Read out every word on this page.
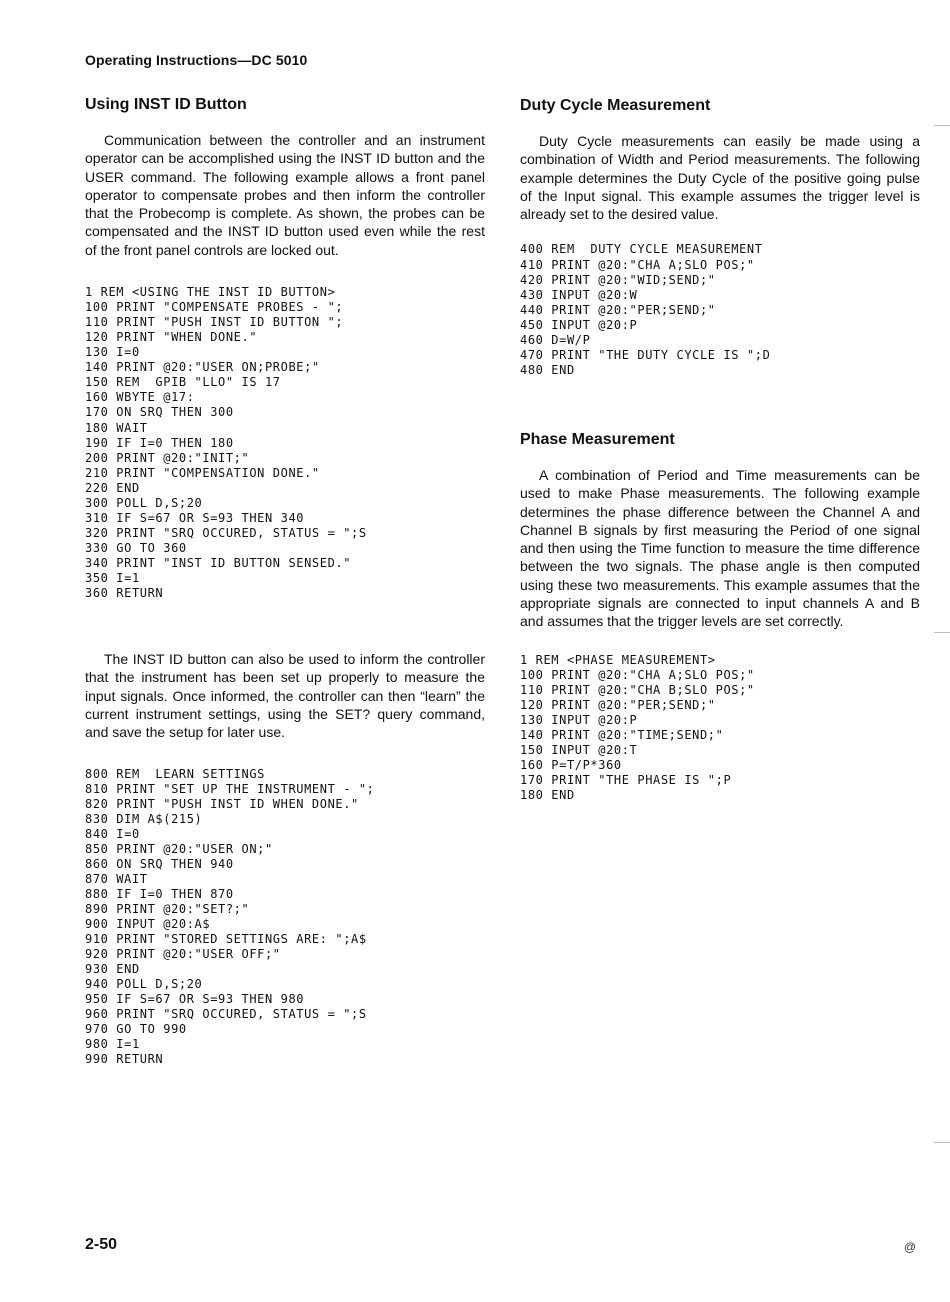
Operating Instructions—DC 5010
Using INST ID Button

Communication between the controller and an instrument operator can be accomplished using the INST ID button and the USER command. The following example allows a front panel operator to compensate probes and then inform the controller that the Probecomp is complete. As shown, the probes can be compensated and the INST ID button used even while the rest of the front panel controls are locked out.

1 REM <USING THE INST ID BUTTON>
100 PRINT "COMPENSATE PROBES - ";
110 PRINT "PUSH INST ID BUTTON ";
120 PRINT "WHEN DONE."
130 I=0
140 PRINT @20:"USER ON;PROBE;"
150 REM  GPIB "LLO" IS 17
160 WBYTE @17:
170 ON SRQ THEN 300
180 WAIT
190 IF I=0 THEN 180
200 PRINT @20:"INIT;"
210 PRINT "COMPENSATION DONE."
220 END
300 POLL D,S;20
310 IF S=67 OR S=93 THEN 340
320 PRINT "SRQ OCCURED, STATUS = ";S
330 GO TO 360
340 PRINT "INST ID BUTTON SENSED."
350 I=1
360 RETURN

The INST ID button can also be used to inform the controller that the instrument has been set up properly to measure the input signals. Once informed, the controller can then “learn” the current instrument settings, using the SET? query command, and save the setup for later use.

800 REM  LEARN SETTINGS
810 PRINT "SET UP THE INSTRUMENT - ";
820 PRINT "PUSH INST ID WHEN DONE."
830 DIM A$(215)
840 I=0
850 PRINT @20:"USER ON;"
860 ON SRQ THEN 940
870 WAIT
880 IF I=0 THEN 870
890 PRINT @20:"SET?;"
900 INPUT @20:A$
910 PRINT "STORED SETTINGS ARE: ";A$
920 PRINT @20:"USER OFF;"
930 END
940 POLL D,S;20
950 IF S=67 OR S=93 THEN 980
960 PRINT "SRQ OCCURED, STATUS = ";S
970 GO TO 990
980 I=1
990 RETURN
Duty Cycle Measurement

Duty Cycle measurements can easily be made using a combination of Width and Period measurements. The following example determines the Duty Cycle of the positive going pulse of the Input signal. This example assumes the trigger level is already set to the desired value.

400 REM  DUTY CYCLE MEASUREMENT
410 PRINT @20:"CHA A;SLO POS;"
420 PRINT @20:"WID;SEND;"
430 INPUT @20:W
440 PRINT @20:"PER;SEND;"
450 INPUT @20:P
460 D=W/P
470 PRINT "THE DUTY CYCLE IS ";D
480 END
Phase Measurement

A combination of Period and Time measurements can be used to make Phase measurements. The following example determines the phase difference between the Channel A and Channel B signals by first measuring the Period of one signal and then using the Time function to measure the time difference between the two signals. The phase angle is then computed using these two measurements. This example assumes that the appropriate signals are connected to input channels A and B and assumes that the trigger levels are set correctly.

1 REM <PHASE MEASUREMENT>
100 PRINT @20:"CHA A;SLO POS;"
110 PRINT @20:"CHA B;SLO POS;"
120 PRINT @20:"PER;SEND;"
130 INPUT @20:P
140 PRINT @20:"TIME;SEND;"
150 INPUT @20:T
160 P=T/P*360
170 PRINT "THE PHASE IS ";P
180 END
2-50	@
